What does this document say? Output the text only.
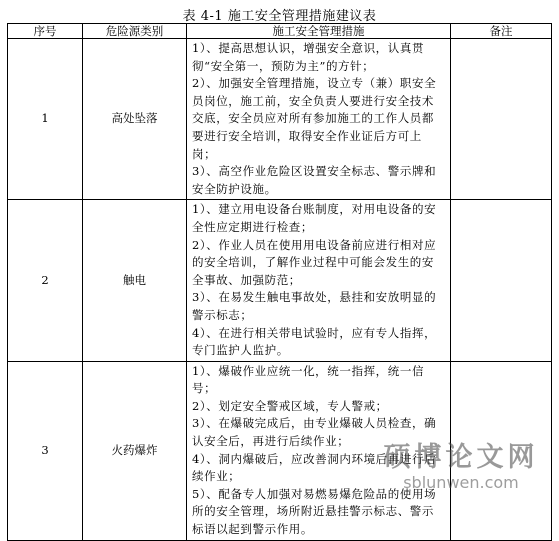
表 4-1 施工安全管理措施建议表
序号	危险源类别	施工安全管理措施	备注
1	高处坠落	1）、提高思想认识，增强安全意识，认真贯彻“安全第一，预防为主”的方针；
2）、加强安全管理措施，设立专（兼）职安全员岗位，施工前，安全负责人要进行安全技术交底，安全员应对所有参加施工的工作人员都要进行安全培训，取得安全作业证后方可上岗；
3）、高空作业危险区设置安全标志、警示牌和安全防护设施。	

2	触电	1）、建立用电设备台账制度，对用电设备的安全性应定期进行检查；
2）、作业人员在使用用电设备前应进行相对应的安全培训，了解作业过程中可能会发生的安全事故、加强防范；
3）、在易发生触电事故处，悬挂和安放明显的警示标志；
4）、在进行相关带电试验时，应有专人指挥，专门监护人监护。	

3	火药爆炸	1）、爆破作业应统一化，统一指挥，统一信号；
2）、划定安全警戒区域，专人警戒；
3）、在爆破完成后，由专业爆破人员检查，确认安全后，再进行后续作业；
4）、洞内爆破后，应改善洞内环境后再进行后续作业；
5）、配备专人加强对易燃易爆危险品的使用场所的安全管理，场所附近悬挂警示标志、警示标语以起到警示作用。	

硕博论文网
sblunwen.com
